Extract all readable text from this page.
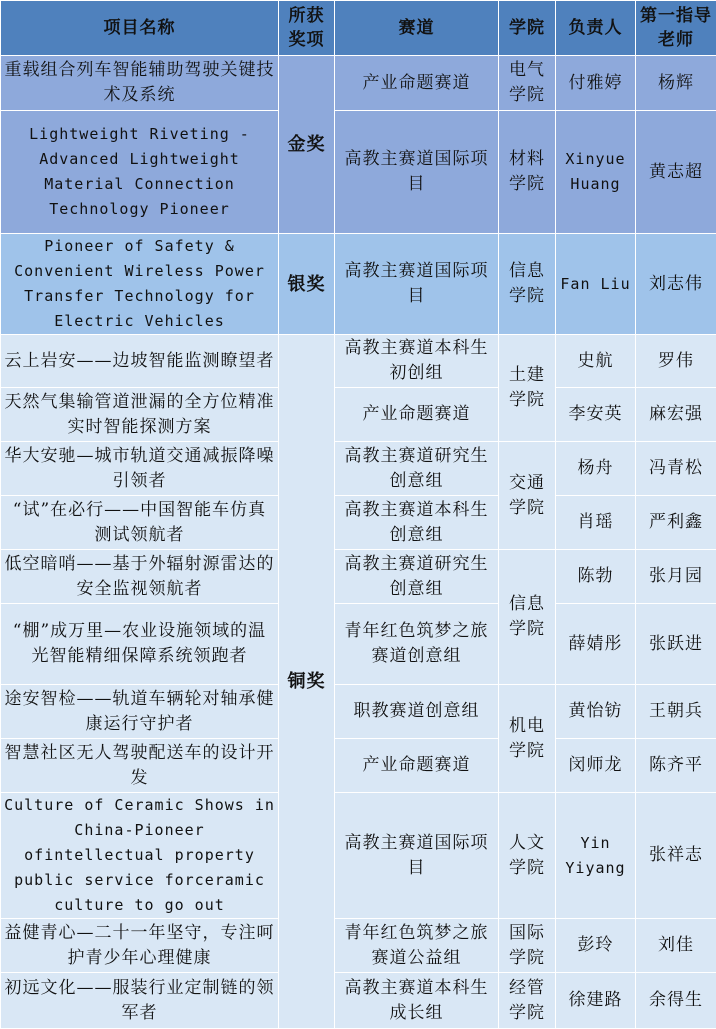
项目名称	所获奖项	赛道	学院	负责人	第一指导老师
重载组合列车智能辅助驾驶关键技术及系统	金奖	产业命题赛道	电气学院	付雅婷	杨辉
Lightweight Riveting - Advanced Lightweight Material Connection Technology Pioneer		高教主赛道国际项目	材料学院	Xinyue Huang	黄志超
Pioneer of Safety & Convenient Wireless Power Transfer Technology for Electric Vehicles	银奖	高教主赛道国际项目	信息学院	Fan Liu	刘志伟
云上岩安——边坡智能监测瞭望者	铜奖	高教主赛道本科生初创组	土建学院	史航	罗伟
天然气集输管道泄漏的全方位精准实时智能探测方案		产业命题赛道		李安英	麻宏强
华大安驰—城市轨道交通减振降噪引领者		高教主赛道研究生创意组	交通学院	杨舟	冯青松
“试”在必行——中国智能车仿真测试领航者		高教主赛道本科生创意组		肖瑶	严利鑫
低空暗哨——基于外辐射源雷达的安全监视领航者		高教主赛道研究生创意组	信息学院	陈勃	张月园
“棚”成万里—农业设施领域的温光智能精细保障系统领跑者		青年红色筑梦之旅赛道创意组		薛婧彤	张跃进
途安智检——轨道车辆轮对轴承健康运行守护者		职教赛道创意组	机电学院	黄怡钫	王朝兵
智慧社区无人驾驶配送车的设计开发		产业命题赛道		闵师龙	陈齐平
Culture of Ceramic Shows in China-Pioneer ofintellectual property public service forceramic culture to go out		高教主赛道国际项目	人文学院	Yin Yiyang	张祥志
益健青心—二十一年坚守，专注呵护青少年心理健康		青年红色筑梦之旅赛道公益组	国际学院	彭玲	刘佳
初远文化——服装行业定制链的领军者		高教主赛道本科生成长组	经管学院	徐建路	余得生
